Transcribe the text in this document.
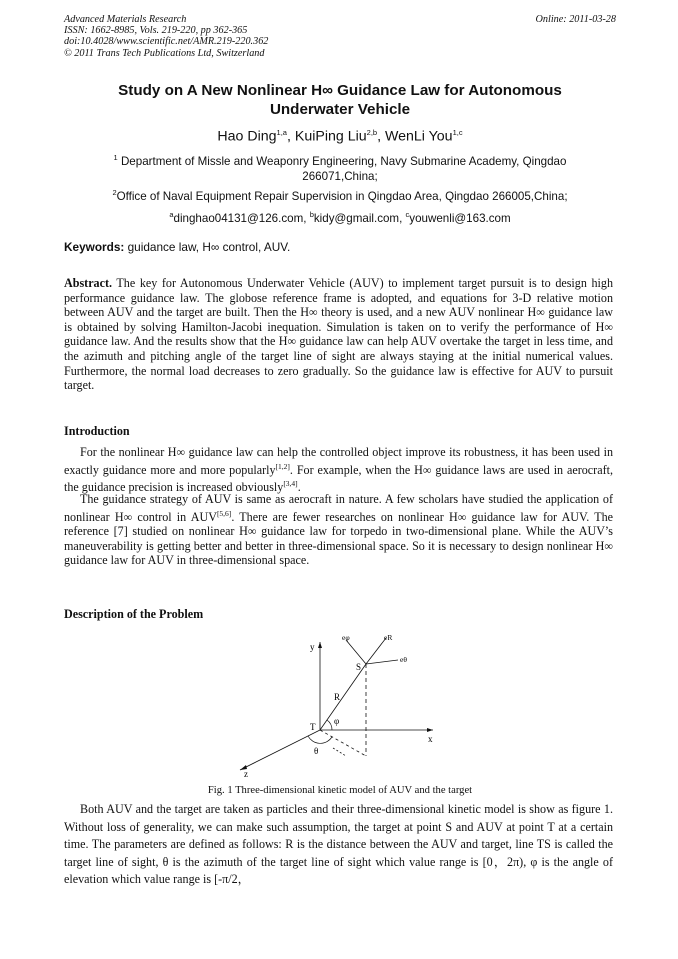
Advanced Materials Research
ISSN: 1662-8985, Vols. 219-220, pp 362-365
doi:10.4028/www.scientific.net/AMR.219-220.362
© 2011 Trans Tech Publications Ltd, Switzerland
Online: 2011-03-28
Study on A New Nonlinear H∞ Guidance Law for Autonomous
Underwater Vehicle
Hao Ding$^{1,a}$, KuiPing Liu$^{2,b}$, WenLi You$^{1,c}$
$^1$ Department of Missle and Weaponry Engineering, Navy Submarine Academy, Qingdao
266071,China;
$^2$Office of Naval Equipment Repair Supervision in Qingdao Area, Qingdao 266005,China;
$^a$dinghao04131@126.com, $^b$kidy@gmail.com, $^c$youwenli@163.com
Keywords: guidance law, H∞ control, AUV.
Abstract. The key for Autonomous Underwater Vehicle (AUV) to implement target pursuit is to design high performance guidance law. The globose reference frame is adopted, and equations for 3-D relative motion between AUV and the target are built. Then the H∞ theory is used, and a new AUV nonlinear H∞ guidance law is obtained by solving Hamilton-Jacobi inequation. Simulation is taken on to verify the performance of H∞ guidance law. And the results show that the H∞ guidance law can help AUV overtake the target in less time, and the azimuth and pitching angle of the target line of sight are always staying at the initial numerical values. Furthermore, the normal load decreases to zero gradually. So the guidance law is effective for AUV to pursuit target.
Introduction
For the nonlinear H∞ guidance law can help the controlled object improve its robustness, it has been used in exactly guidance more and more popularly[1,2]. For example, when the H∞ guidance laws are used in aerocraft, the guidance precision is increased obviously[3,4].
The guidance strategy of AUV is same as aerocraft in nature. A few scholars have studied the application of nonlinear H∞ control in AUV[5,6]. There are fewer researches on nonlinear H∞ guidance law for AUV. The reference [7] studied on nonlinear H∞ guidance law for torpedo in two-dimensional plane. While the AUV’s maneuverability is getting better and better in three-dimensional space. So it is necessary to design nonlinear H∞ guidance law for AUV in three-dimensional space.
Description of the Problem
y
x
z
S
T
R
φ
θ
eφ	eR
eθ
Fig. 1 Three-dimensional kinetic model of AUV and the target
Both AUV and the target are taken as particles and their three-dimensional kinetic model is show as figure 1. Without loss of generality, we can make such assumption, the target at point S and AUV at point T at a certain time. The parameters are defined as follows: R is the distance between the AUV and target, line TS is called the target line of sight, θ is the azimuth of the target line of sight which value range is [0，2π), φ is the angle of elevation which value range is [-π/2，
